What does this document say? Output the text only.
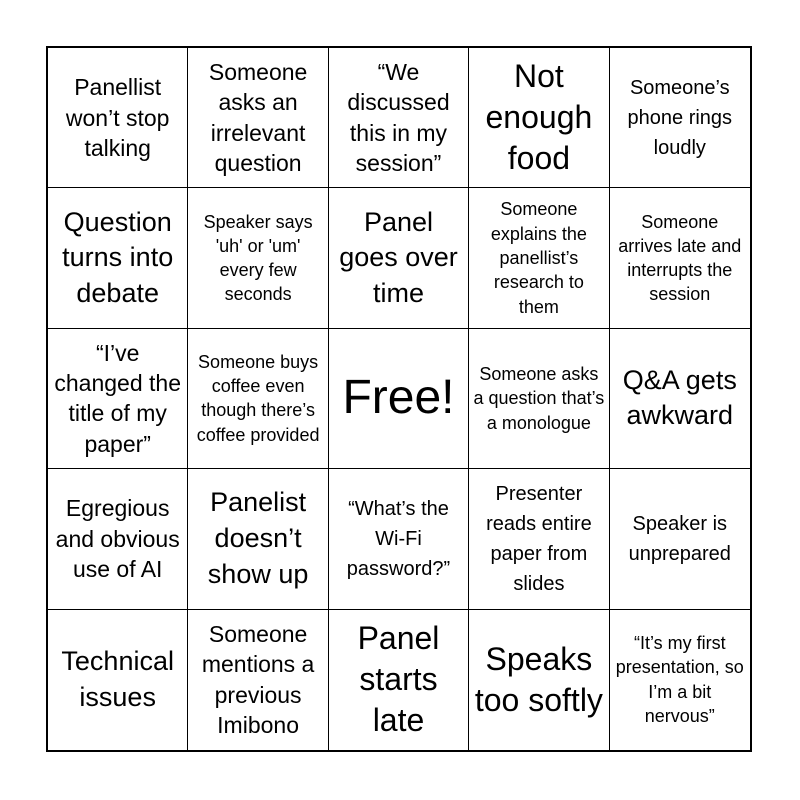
Panellist won’t stop talking
Someone asks an irrelevant question
“We discussed this in my session”
Not enough food
Someone’s phone rings loudly
Question turns into debate
Speaker says 'uh' or 'um' every few seconds
Panel goes over time
Someone explains the panellist’s research to them
Someone arrives late and interrupts the session
“I’ve changed the title of my paper”
Someone buys coffee even though there’s coffee provided
Free!	Someone asks a question that’s a monologue
Q&A gets awkward
Egregious and obvious use of AI
Panelist doesn’t show up
“What’s the Wi-Fi password?”
Presenter reads entire paper from slides
Speaker is unprepared
Technical issues
Someone mentions a previous Imibono
Panel starts late
Speaks too softly
“It’s my first presentation, so I’m a bit nervous”
